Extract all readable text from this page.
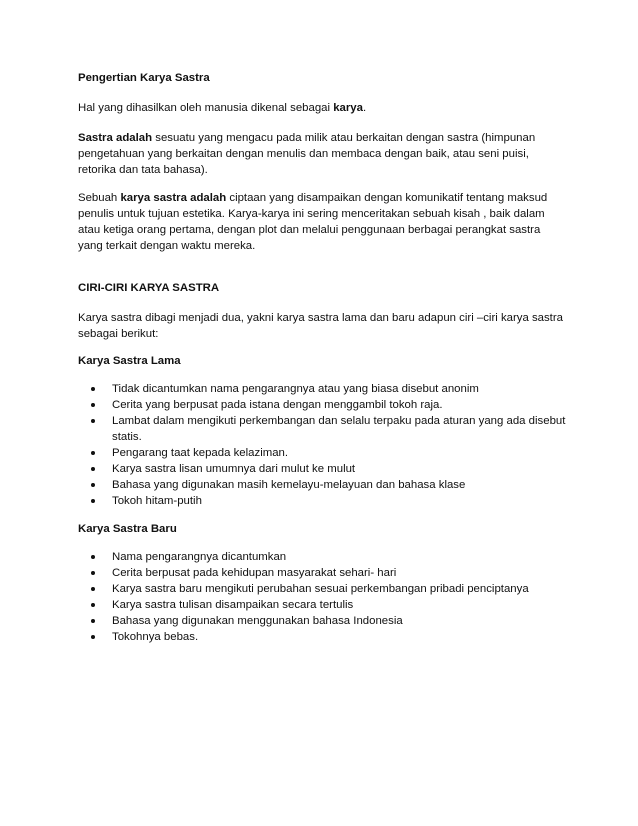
Pengertian Karya Sastra

Hal yang dihasilkan oleh manusia dikenal sebagai karya.

Sastra adalah sesuatu yang mengacu pada milik atau berkaitan dengan sastra (himpunan pengetahuan yang berkaitan dengan menulis dan membaca dengan baik, atau seni puisi, retorika dan tata bahasa).

Sebuah karya sastra adalah ciptaan yang disampaikan dengan komunikatif tentang maksud penulis untuk tujuan estetika. Karya-karya ini sering menceritakan sebuah kisah , baik dalam atau ketiga orang pertama, dengan plot dan melalui penggunaan berbagai perangkat sastra yang terkait dengan waktu mereka.

CIRI-CIRI KARYA SASTRA

Karya sastra dibagi menjadi dua, yakni karya sastra lama dan baru adapun ciri –ciri karya sastra sebagai berikut:

Karya Sastra Lama

Tidak dicantumkan nama pengarangnya atau yang biasa disebut anonim
Cerita yang berpusat pada istana dengan menggambil tokoh raja.
Lambat dalam mengikuti perkembangan dan selalu terpaku pada aturan yang ada disebut statis.
Pengarang taat kepada kelaziman.
Karya sastra lisan umumnya dari mulut ke mulut
Bahasa yang digunakan masih kemelayu-melayuan dan bahasa klase
Tokoh hitam-putih

Karya Sastra Baru

Nama pengarangnya dicantumkan
Cerita berpusat pada kehidupan masyarakat sehari- hari
Karya sastra baru mengikuti perubahan sesuai perkembangan pribadi penciptanya
Karya sastra tulisan disampaikan secara tertulis
Bahasa yang digunakan menggunakan bahasa Indonesia
Tokohnya bebas.
